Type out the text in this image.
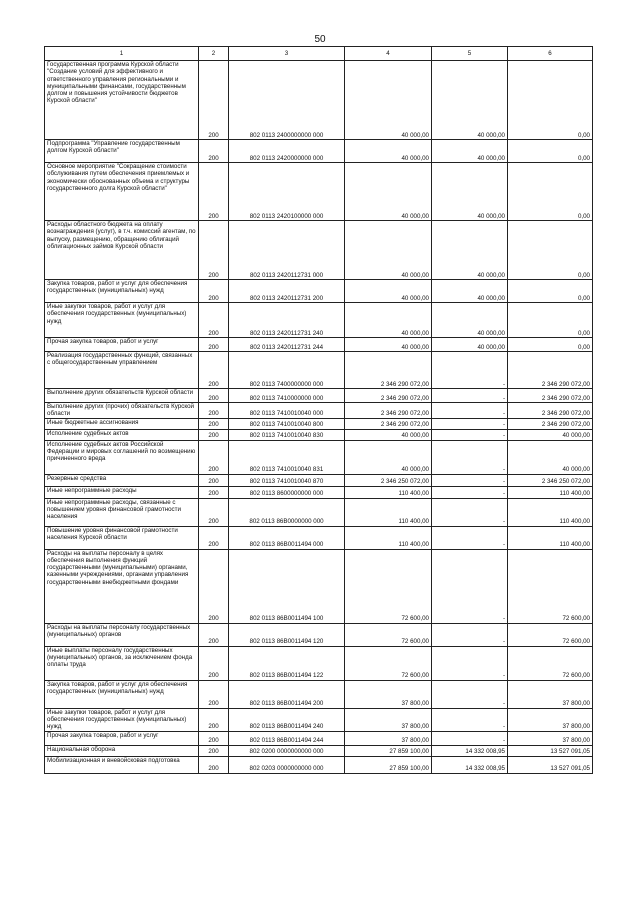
50
1	2	3	4	5	6
Государственная программа Курской области "Создание условий для эффективного и ответственного управления региональными и муниципальными финансами, государственным долгом и повышения устойчивости бюджетов Курской области"	200	802 0113 2400000000 000	40 000,00	40 000,00	0,00
Подпрограмма "Управление государственным долгом Курской области"	200	802 0113 2420000000 000	40 000,00	40 000,00	0,00
Основное мероприятие "Сокращение стоимости обслуживания путем обеспечения приемлемых и экономически обоснованных объема и структуры государственного долга Курской области"	200	802 0113 2420100000 000	40 000,00	40 000,00	0,00
Расходы областного бюджета на оплату вознаграждения (услуг), в т.ч. комиссий агентам, по выпуску, размещению, обращению облигаций облигационных займов Курской области	200	802 0113 2420112731 000	40 000,00	40 000,00	0,00
Закупка товаров, работ и услуг для обеспечения государственных (муниципальных) нужд	200	802 0113 2420112731 200	40 000,00	40 000,00	0,00
Иные закупки товаров, работ и услуг для обеспечения государственных (муниципальных) нужд	200	802 0113 2420112731 240	40 000,00	40 000,00	0,00
Прочая закупка товаров, работ и услуг	200	802 0113 2420112731 244	40 000,00	40 000,00	0,00
Реализация государственных функций, связанных с общегосударственным управлением	200	802 0113 7400000000 000	2 346 290 072,00	-	2 346 290 072,00
Выполнение других обязательств Курской области	200	802 0113 7410000000 000	2 346 290 072,00	-	2 346 290 072,00
Выполнение других (прочих) обязательств Курской области	200	802 0113 7410010040 000	2 346 290 072,00	-	2 346 290 072,00
Иные бюджетные ассигнования	200	802 0113 7410010040 800	2 346 290 072,00	-	2 346 290 072,00
Исполнение судебных актов	200	802 0113 7410010040 830	40 000,00	-	40 000,00
Исполнение судебных актов Российской Федерации и мировых соглашений по возмещению причиненного вреда	200	802 0113 7410010040 831	40 000,00	-	40 000,00
Резервные средства	200	802 0113 7410010040 870	2 346 250 072,00	-	2 346 250 072,00
Иные непрограммные расходы	200	802 0113 8600000000 000	110 400,00	-	110 400,00
Иные непрограммные расходы, связанные с повышением уровня финансовой грамотности населения	200	802 0113 86B0000000 000	110 400,00	-	110 400,00
Повышение уровня финансовой грамотности населения Курской области	200	802 0113 86B0011494 000	110 400,00	-	110 400,00
Расходы на выплаты персоналу в целях обеспечения выполнения функций государственными (муниципальными) органами, казенными учреждениями, органами управления государственными внебюджетными фондами	200	802 0113 86B0011494 100	72 600,00	-	72 600,00
Расходы на выплаты персоналу государственных (муниципальных) органов	200	802 0113 86B0011494 120	72 600,00	-	72 600,00
Иные выплаты персоналу государственных (муниципальных) органов, за исключением фонда оплаты труда	200	802 0113 86B0011494 122	72 600,00	-	72 600,00
Закупка товаров, работ и услуг для обеспечения государственных (муниципальных) нужд	200	802 0113 86B0011494 200	37 800,00	-	37 800,00
Иные закупки товаров, работ и услуг для обеспечения государственных (муниципальных) нужд	200	802 0113 86B0011494 240	37 800,00	-	37 800,00
Прочая закупка товаров, работ и услуг	200	802 0113 86B0011494 244	37 800,00	-	37 800,00
Национальная оборона	200	802 0200 0000000000 000	27 859 100,00	14 332 008,95	13 527 091,05
Мобилизационная и вневойсковая подготовка	200	802 0203 0000000000 000	27 859 100,00	14 332 008,95	13 527 091,05
